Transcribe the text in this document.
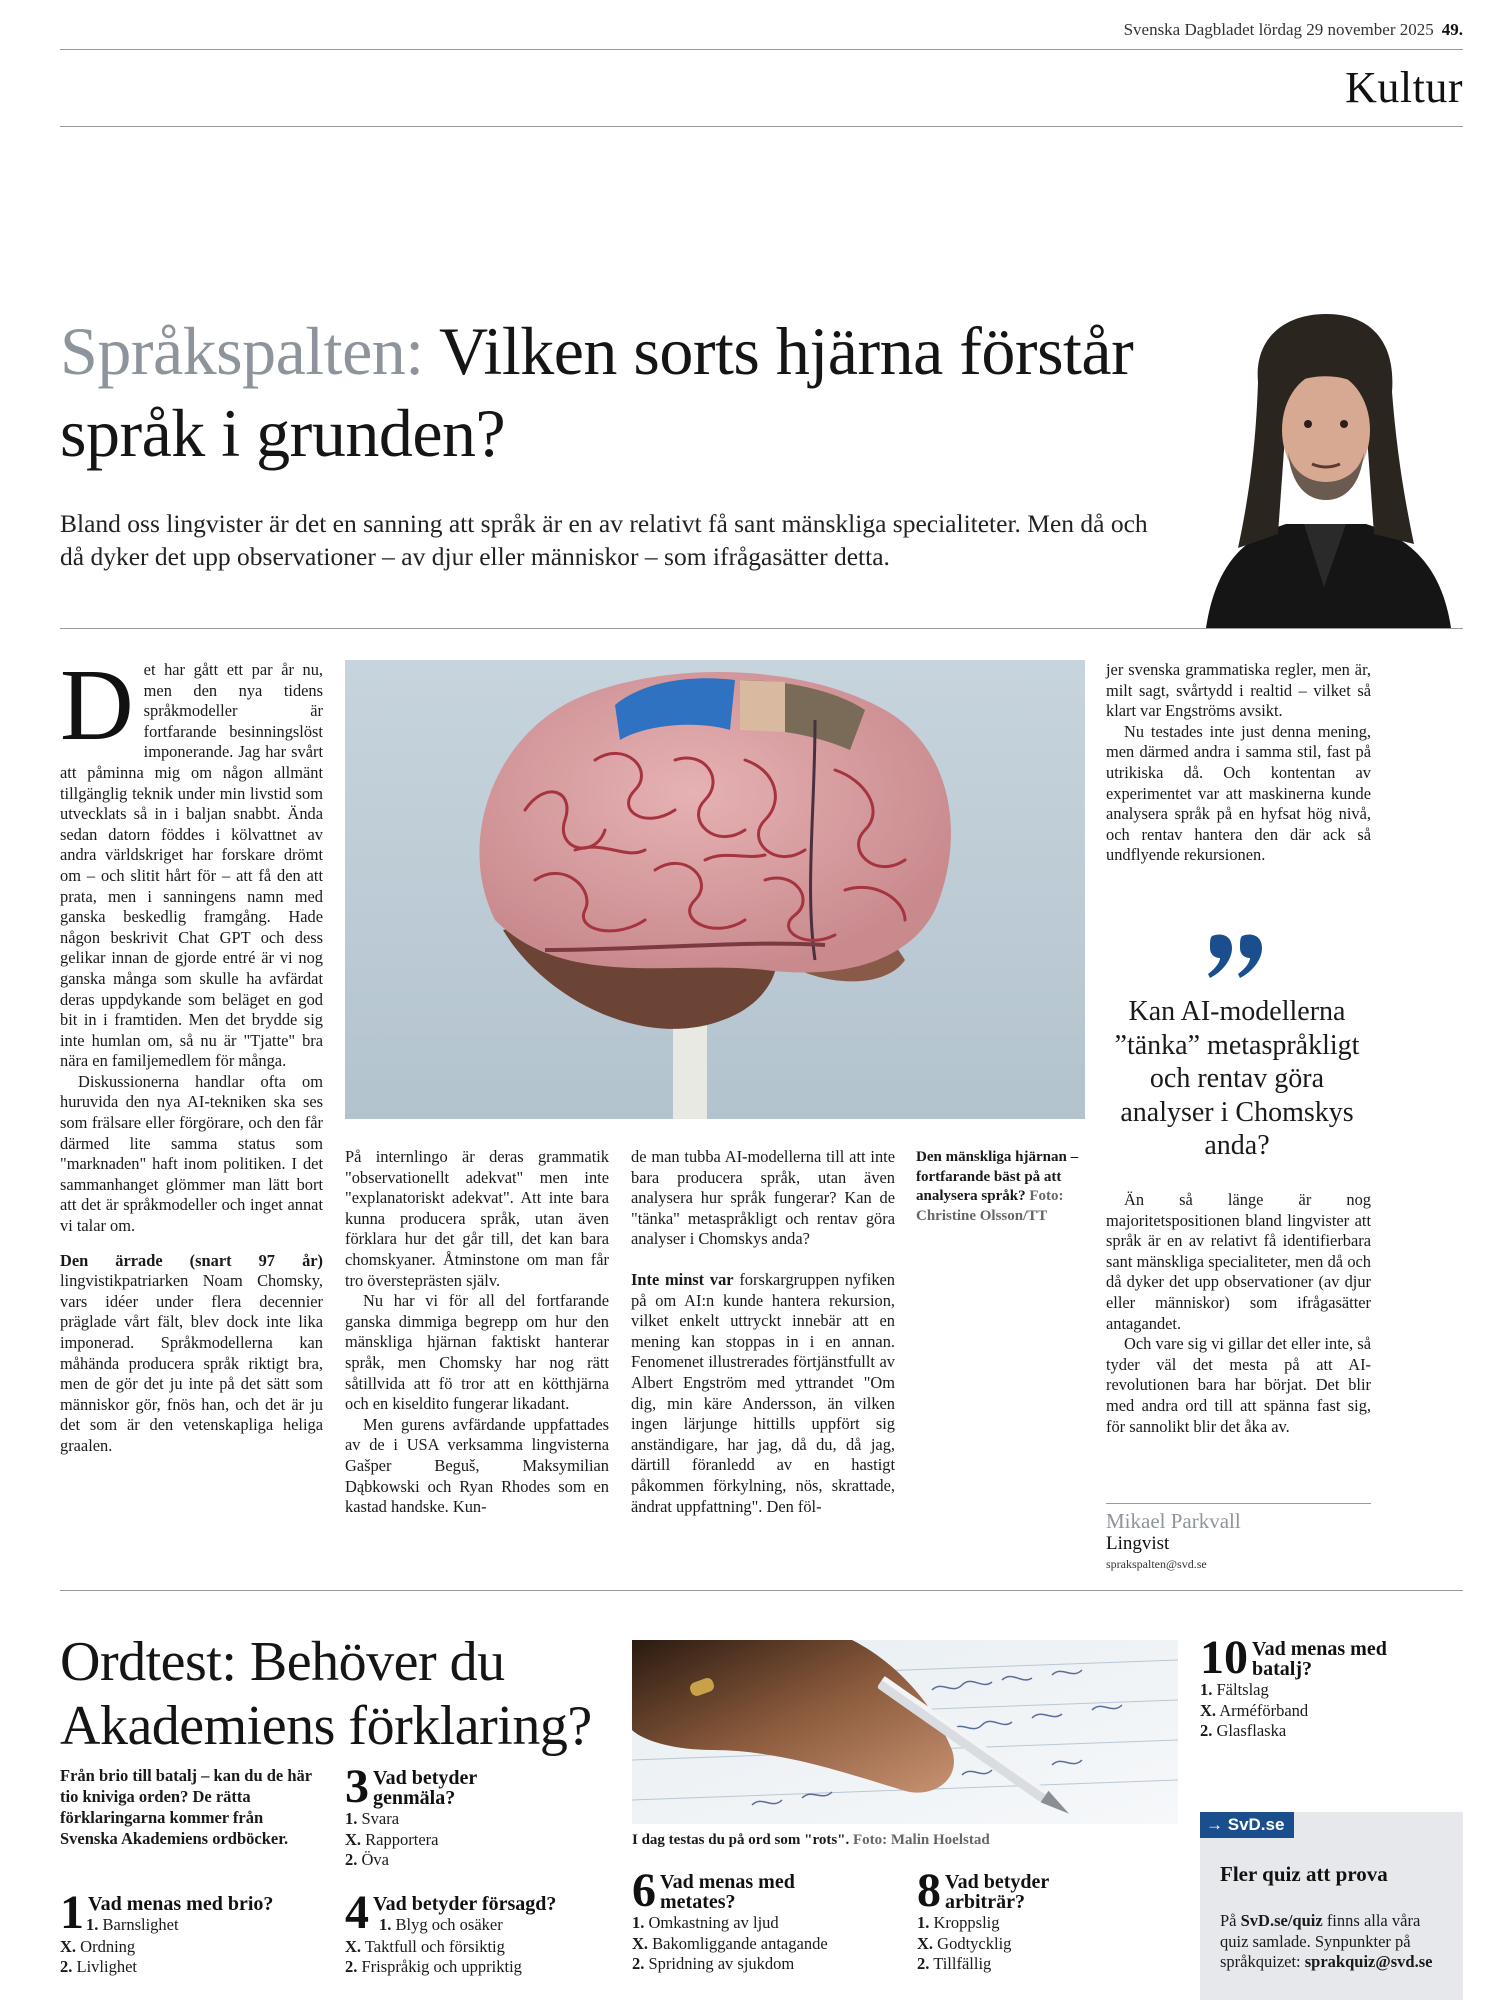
Svenska Dagbladet lördag 29 november 2025 49.
Kultur
Språkspalten: Vilken sorts hjärna förstår språk i grunden?
Bland oss lingvister är det en sanning att språk är en av relativt få sant mänskliga specialiteter. Men då och då dyker det upp observationer – av djur eller människor – som ifrågasätter detta.

Det har gått ett par år nu, men den nya tidens språkmodeller är fortfarande besinningslöst imponerande. Jag har svårt att påminna mig om någon allmänt tillgänglig teknik under min livstid som utvecklats så in i baljan snabbt. Ända sedan datorn föddes i kölvattnet av andra världskriget har forskare drömt om – och slitit hårt för – att få den att prata, men i sanningens namn med ganska beskedlig framgång. Hade någon beskrivit Chat GPT och dess gelikar innan de gjorde entré är vi nog ganska många som skulle ha avfärdat deras uppdykande som beläget en god bit in i framtiden. Men det brydde sig inte humlan om, så nu är "Tjatte" bra nära en familjemedlem för många.

Diskussionerna handlar ofta om huruvida den nya AI-tekniken ska ses som frälsare eller förgörare, och den får därmed lite samma status som "marknaden" haft inom politiken. I det sammanhanget glömmer man lätt bort att det är språkmodeller och inget annat vi talar om.

Den ärrade (snart 97 år) lingvistikpatriarken Noam Chomsky, vars idéer under flera decennier präglade vårt fält, blev dock inte lika imponerad. Språkmodellerna kan måhända producera språk riktigt bra, men de gör det ju inte på det sätt som människor gör, fnös han, och det är ju det som är den vetenskapliga heliga graalen.

På internlingo är deras grammatik "observationellt adekvat" men inte "explanatoriskt adekvat". Att inte bara kunna producera språk, utan även förklara hur det går till, det kan bara chomskyaner. Åtminstone om man får tro översteprästen själv.

Nu har vi för all del fortfarande ganska dimmiga begrepp om hur den mänskliga hjärnan faktiskt hanterar språk, men Chomsky har nog rätt såtillvida att fö tror att en kötthjärna och en kiseldito fungerar likadant.

Men gurens avfärdande uppfattades av de i USA verksamma lingvisterna Gašper Beguš, Maksymilian Dąbkowski och Ryan Rhodes som en kastad handske. Kun-

de man tubba AI-modellerna till att inte bara producera språk, utan även analysera hur språk fungerar? Kan de "tänka" metaspråkligt och rentav göra analyser i Chomskys anda?

Inte minst var forskargruppen nyfiken på om AI:n kunde hantera rekursion, vilket enkelt uttryckt innebär att en mening kan stoppas in i en annan. Fenomenet illustrerades förtjänstfullt av Albert Engström med yttrandet "Om dig, min käre Andersson, än vilken ingen lärjunge hittills uppfört sig anständigare, har jag, då du, då jag, därtill föranledd av en hastigt påkommen förkylning, nös, skrattade, ändrat uppfattning". Den föl-

Den mänskliga hjärnan – fortfarande bäst på att analysera språk? Foto: Christine Olsson/TT

jer svenska grammatiska regler, men är, milt sagt, svårtydd i realtid – vilket så klart var Engströms avsikt.

Nu testades inte just denna mening, men därmed andra i samma stil, fast på utrikiska då. Och kontentan av experimentet var att maskinerna kunde analysera språk på en hyfsat hög nivå, och rentav hantera den där ack så undflyende rekursionen.

Kan AI-modellerna ”tänka” metaspråkligt och rentav göra analyser i Chomskys anda?

Än så länge är nog majoritetspositionen bland lingvister att språk är en av relativt få identifierbara sant mänskliga specialiteter, men då och då dyker det upp observationer (av djur eller människor) som ifrågasätter antagandet.

Och vare sig vi gillar det eller inte, så tyder väl det mesta på att AI-revolutionen bara har börjat. Det blir med andra ord till att spänna fast sig, för sannolikt blir det åka av.

Mikael Parkvall
Lingvist
sprakspalten@svd.se
Ordtest: Behöver du Akademiens förklaring?
Från brio till batalj – kan du de här tio kniviga orden? De rätta förklaringarna kommer från Svenska Akademiens ordböcker.
1 Vad menas med brio?
1. Barnslighet
X. Ordning
2. Livlighet
3 Vad betyder genmäla?
1. Svara
X. Rapportera
2. Öva
4 Vad betyder försagd?
1. Blyg och osäker
X. Taktfull och försiktig
2. Frispråkig och uppriktig
I dag testas du på ord som "rots". Foto: Malin Hoelstad
6 Vad menas med metates?
1. Omkastning av ljud
X. Bakomliggande antagande
2. Spridning av sjukdom
8 Vad betyder arbiträr?
1. Kroppslig
X. Godtycklig
2. Tillfällig
10 Vad menas med batalj?
1. Fältslag
X. Arméförband
2. Glasflaska
→ SvD.se
Fler quiz att prova
På SvD.se/quiz finns alla våra quiz samlade. Synpunkter på språkquizet: sprakquiz@svd.se
